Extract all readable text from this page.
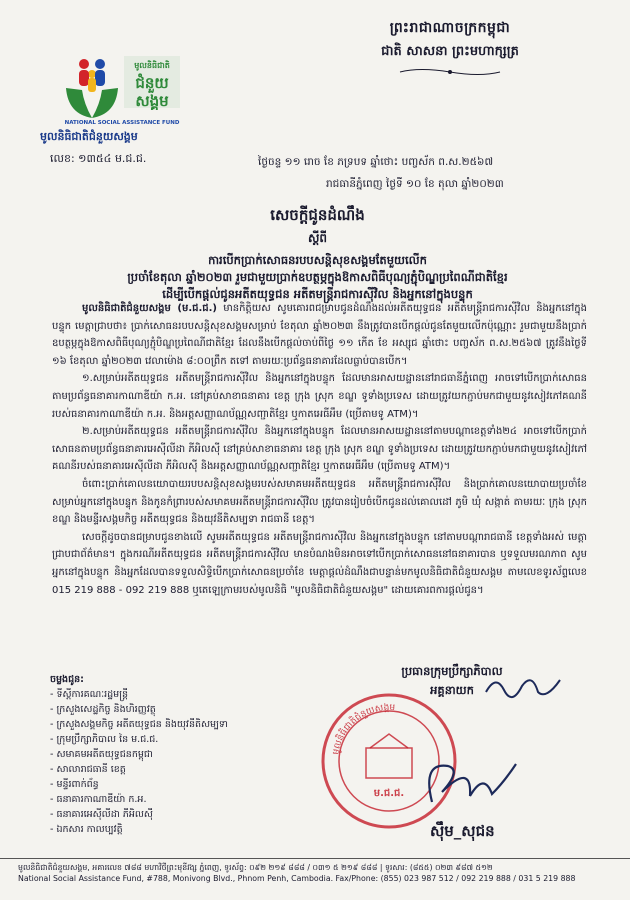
ព្រះរាជាណាចក្រកម្ពុជា
ជាតិ សាសនា ព្រះមហាក្សត្រ
មូលនិធិជាតិ
ជំនួយ
សង្គម
NATIONAL SOCIAL ASSISTANCE FUND
មូលនិធិជាតិជំនួយសង្គម
លេខ: ១៣៥៤ ម.ជ.ជ.	ថ្ងៃចន្ទ ១១ រោច ខែ ភទ្របទ ឆ្នាំថោះ បញ្ចស័ក ព.ស.២៥៦៧
រាជធានីភ្នំពេញ ថ្ងៃទី ១០ ខែ តុលា ឆ្នាំ២០២៣
សេចក្តីជូនដំណឹង
ស្តីពី
ការបើកប្រាក់សោធនរបបសន្តិសុខសង្គមតែមួយលើក
ប្រចាំខែតុលា ឆ្នាំ២០២៣ រួមជាមួយប្រាក់ឧបត្ថម្ភក្នុងឱកាសពិធីបុណ្យភ្ជុំបិណ្ឌប្រពៃណីជាតិខ្មែរ
ដើម្បីបើកផ្តល់ជូនអតីតយុទ្ធជន អតីតមន្ត្រីរាជការស៊ីវិល និងអ្នកនៅក្នុងបន្ទុក

មូលនិធិជាតិជំនួយសង្គម (ម.ជ.ជ.) មានកិត្តិយស សូមគោរពជម្រាបជូនដំណឹងដល់អតីតយុទ្ធជន អតីតមន្ត្រីរាជការស៊ីវិល និងអ្នកនៅក្នុងបន្ទុក មេត្តាជ្រាបថា៖ ប្រាក់សោធនរបបសន្តិសុខសង្គមសម្រាប់ ខែតុលា ឆ្នាំ២០២៣ នឹងត្រូវបានបើកផ្តល់ជូនតែមួយលើកប៉ុណ្ណោះ រួមជាមួយនឹងប្រាក់ឧបត្ថម្ភក្នុងឱកាសពិធីបុណ្យភ្ជុំបិណ្ឌប្រពៃណីជាតិខ្មែរ ដែលនឹងបើកផ្តល់ចាប់ពីថ្ងៃ ១១ កើត ខែ អស្សុជ ឆ្នាំថោះ បញ្ចស័ក ព.ស.២៥៦៧ ត្រូវនឹងថ្ងៃទី ១៦ ខែតុលា ឆ្នាំ២០២៣ វេលាម៉ោង ៨:០០ព្រឹក តទៅ តាមរយៈប្រព័ន្ធធនាគារដែលធ្លាប់បានបើក។

១.សម្រាប់អតីតយុទ្ធជន អតីតមន្ត្រីរាជការស៊ីវិល និងអ្នកនៅក្នុងបន្ទុក ដែលមានអាសយដ្ឋាននៅរាជធានីភ្នំពេញ អាចទៅបើកប្រាក់សោធនតាមប្រព័ន្ធធនាគារកាណាឌីយ៉ា ក.អ. នៅគ្រប់សាខាធនាគារ ខេត្ត ក្រុង ស្រុក ខណ្ឌ ទូទាំងប្រទេស ដោយត្រូវយកភ្ជាប់មកជាមួយនូវសៀវភៅគណនីរបស់ធនាគារកាណាឌីយ៉ា ក.អ. និងអត្តសញ្ញាណប័ណ្ណសញ្ជាតិខ្មែរ ឬកាតអេធីអឹម (ប្រើតាមទូ ATM)។

២.សម្រាប់អតីតយុទ្ធជន អតីតមន្ត្រីរាជការស៊ីវិល និងអ្នកនៅក្នុងបន្ទុក ដែលមានអាសយដ្ឋាននៅតាមបណ្តាខេត្តទាំង២៤ អាចទៅបើកប្រាក់សោធនតាមប្រព័ន្ធធនាគារអេស៊ីលីដា ភីអិលស៊ី នៅគ្រប់សាខាធនាគារ ខេត្ត ក្រុង ស្រុក ខណ្ឌ ទូទាំងប្រទេស ដោយត្រូវយកភ្ជាប់មកជាមួយនូវសៀវភៅគណនីរបស់ធនាគារអេស៊ីលីដា ភីអិលស៊ី និងអត្តសញ្ញាណប័ណ្ណសញ្ជាតិខ្មែរ ឬកាតអេធីអឹម (ប្រើតាមទូ ATM)។

ចំពោះប្រាក់គោលនយោបាយរបបសន្តិសុខសង្គមរបស់សមាគមអតីតយុទ្ធជន អតីតមន្ត្រីរាជការស៊ីវិល និងប្រាក់គោលនយោបាយប្រចាំខែសម្រាប់អ្នកនៅក្នុងបន្ទុក និងកូនកំព្រារបស់សមាគមអតីតមន្ត្រីរាជការស៊ីវិល ត្រូវបានរៀបចំបើកជូនដល់គោលដៅ ភូមិ ឃុំ សង្កាត់ តាមរយៈ ក្រុង ស្រុក ខណ្ឌ និងមន្ទីរសង្គមកិច្ច អតីតយុទ្ធជន និងយុវនីតិសម្បទា រាជធានី ខេត្ត។

សេចក្តីដូចបានជម្រាបជូនខាងលើ សូមអតីតយុទ្ធជន អតីតមន្ត្រីរាជការស៊ីវិល និងអ្នកនៅក្នុងបន្ទុក នៅតាមបណ្តារាជធានី ខេត្តទាំងអស់ មេត្តាជ្រាបជាព័ត៌មាន។ ក្នុងករណីអតីតយុទ្ធជន អតីតមន្ត្រីរាជការស៊ីវិល មានបំណងមិនអាចទៅបើកប្រាក់សោធននៅធនាគារបាន ឬទទួលមរណភាព សូមអ្នកនៅក្នុងបន្ទុក និងអ្នកដែលបានទទួលសិទ្ធិបើកប្រាក់សោធនប្រចាំខែ មេត្តាផ្តល់ដំណឹងជាបន្ទាន់មកមូលនិធិជាតិជំនួយសង្គម តាមលេខទូរស័ព្ទលេខ 015 219 888 - 092 219 888 ឬតេឡេក្រាមរបស់មូលនិធិ "មូលនិធិជាតិជំនួយសង្គម" ដោយគោរពការផ្តល់ជូន។

ចម្លងជូន:
- ទីស្តីការគណៈរដ្ឋមន្ត្រី
- ក្រសួងសេដ្ឋកិច្ច និងហិរញ្ញវត្ថុ
- ក្រសួងសង្គមកិច្ច អតីតយុទ្ធជន និងយុវនីតិសម្បទា
- ក្រុមប្រឹក្សាភិបាល នៃ ម.ជ.ជ.
- សមាគមអតីតយុទ្ធជនកម្ពុជា
- សាលារាជធានី ខេត្ត
- មន្ទីរពាក់ព័ន្ធ
- ធនាគារកាណាឌីយ៉ា ក.អ.
- ធនាគារអេស៊ីលីដា ភីអិលស៊ី
- ឯកសារ កាលប្បវត្តិ
ប្រធានក្រុមប្រឹក្សាភិបាល
អគ្គនាយក
មូលនិធិជាតិជំនួយសង្គម
ម.ជ.ជ.
ស៊ឹម_សុជន
មូលនិធិជាតិជំនួយសង្គម, អគារលេខ ៧៨៨ មហាវិថីព្រះមុនីវង្ស ភ្នំពេញ, ទូរស័ព្ទ: ០៩២ ២១៩ ៨៨៨ / ០៣១ ៥ ២១៩ ៨៨៨ | ទូរសារ: (៨៥៥) ០២៣ ៩៨៧ ៥១២
National Social Assistance Fund, #788, Monivong Blvd., Phnom Penh, Cambodia. Fax/Phone: (855) 023 987 512 / 092 219 888 / 031 5 219 888
